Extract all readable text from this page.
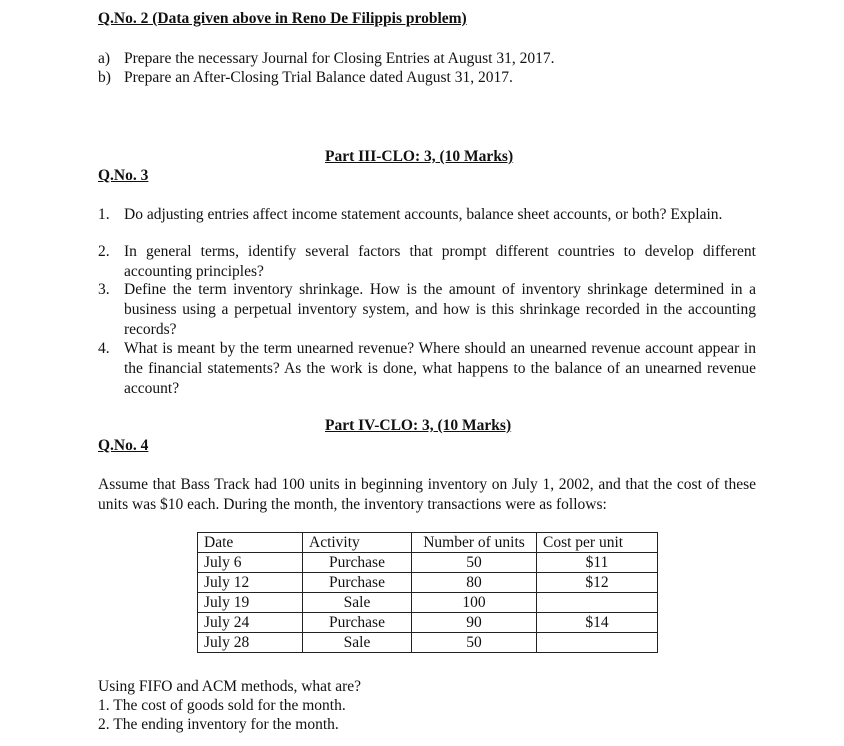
Q.No. 2 (Data given above in Reno De Filippis problem)
a) Prepare the necessary Journal for Closing Entries at August 31, 2017.
b) Prepare an After-Closing Trial Balance dated August 31, 2017.
Part III-CLO: 3, (10 Marks)
Q.No. 3
1. Do adjusting entries affect income statement accounts, balance sheet accounts, or both? Explain.
2. In general terms, identify several factors that prompt different countries to develop different accounting principles?
3. Define the term inventory shrinkage. How is the amount of inventory shrinkage determined in a business using a perpetual inventory system, and how is this shrinkage recorded in the accounting records?
4. What is meant by the term unearned revenue? Where should an unearned revenue account appear in the financial statements? As the work is done, what happens to the balance of an unearned revenue account?
Part IV-CLO: 3, (10 Marks)
Q.No. 4
Assume that Bass Track had 100 units in beginning inventory on July 1, 2002, and that the cost of these units was $10 each. During the month, the inventory transactions were as follows:
Date	Activity	Number of units	Cost per unit
July 6	Purchase	50	$11
July 12	Purchase	80	$12
July 19	Sale	100	
July 24	Purchase	90	$14
July 28	Sale	50	
Using FIFO and ACM methods, what are?
1. The cost of goods sold for the month.
2. The ending inventory for the month.
